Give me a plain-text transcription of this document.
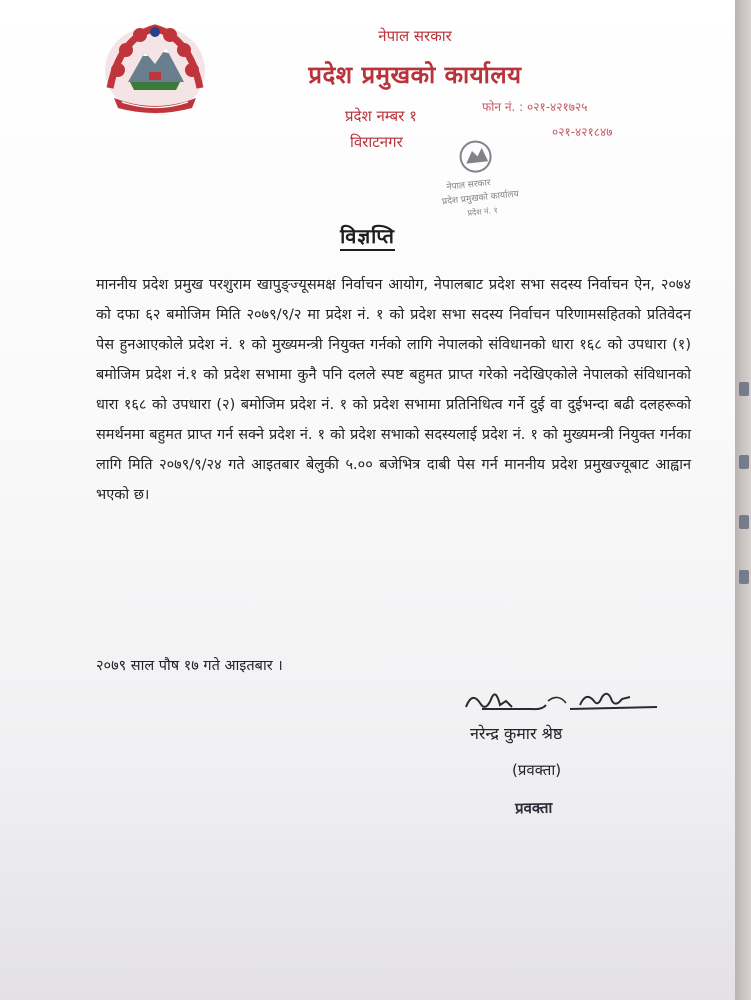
नेपाल सरकार
प्रदेश प्रमुखको कार्यालय
प्रदेश नम्बर १
विराटनगर
फोन नं. : ०२१-४२१७२५
०२१-४२१८४७
नेपाल सरकार
प्रदेश प्रमुखको कार्यालय
प्रदेश नं. १
विज्ञप्ति
माननीय प्रदेश प्रमुख परशुराम खापुङ्ज्यूसमक्ष निर्वाचन आयोग, नेपालबाट प्रदेश सभा सदस्य निर्वाचन ऐन, २०७४ को दफा ६२ बमोजिम मिति २०७९/९/२ मा प्रदेश नं. १ को प्रदेश सभा सदस्य निर्वाचन परिणामसहितको प्रतिवेदन पेस हुनआएकोले प्रदेश नं. १ को मुख्यमन्त्री नियुक्त गर्नको लागि नेपालको संविधानको धारा १६८ को उपधारा (१) बमोजिम प्रदेश नं.१ को प्रदेश सभामा कुनै पनि दलले स्पष्ट बहुमत प्राप्त गरेको नदेखिएकोले नेपालको संविधानको धारा १६८ को उपधारा (२) बमोजिम प्रदेश नं. १ को प्रदेश सभामा प्रतिनिधित्व गर्ने दुई वा दुईभन्दा बढी दलहरूको समर्थनमा बहुमत प्राप्त गर्न सक्ने प्रदेश नं. १ को प्रदेश सभाको सदस्यलाई प्रदेश नं. १ को मुख्यमन्त्री नियुक्त गर्नका लागि मिति २०७९/९/२४ गते आइतबार बेलुकी ५.०० बजेभित्र दाबी पेस गर्न माननीय प्रदेश प्रमुखज्यूबाट आह्वान भएको छ।
२०७९ साल पौष १७ गते आइतबार ।
नरेन्द्र कुमार श्रेष्ठ
(प्रवक्ता)
प्रवक्ता
